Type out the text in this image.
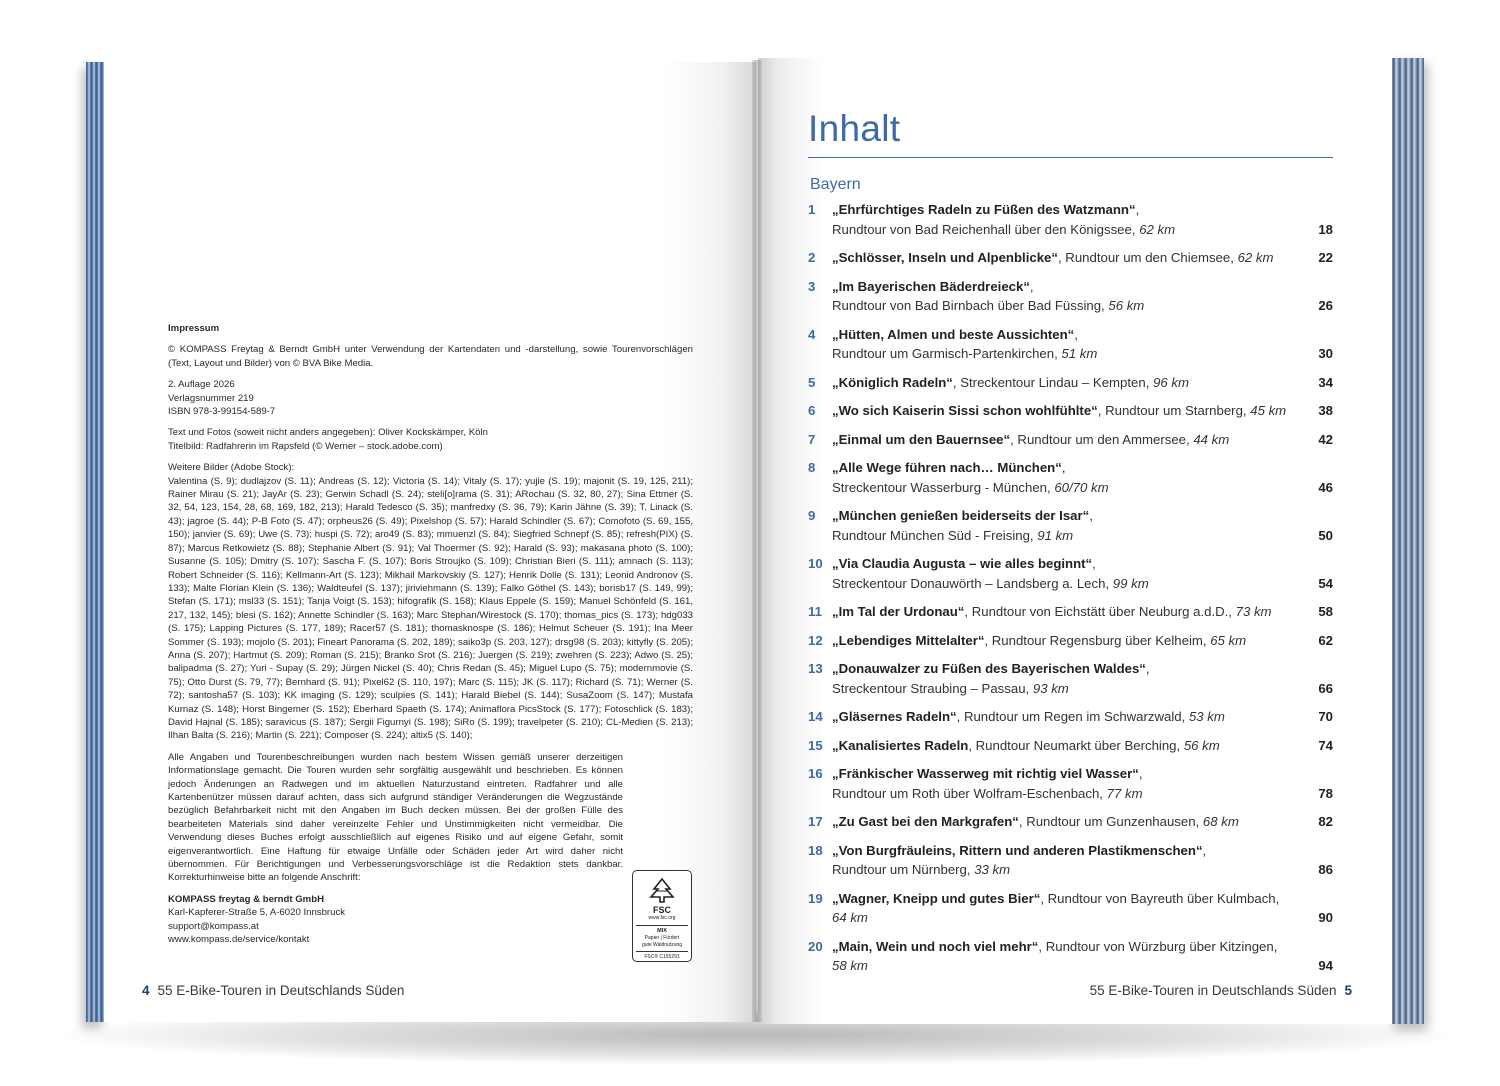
Impressum

© KOMPASS Freytag & Berndt GmbH unter Verwendung der Kartendaten und -darstellung, sowie Tourenvorschlägen (Text, Layout und Bilder) von © BVA Bike Media.

2. Auflage 2026
Verlagsnummer 219
ISBN 978-3-99154-589-7

Text und Fotos (soweit nicht anders angegeben): Oliver Kockskämper, Köln
Titelbild: Radfahrerin im Rapsfeld (© Werner – stock.adobe.com)

Weitere Bilder (Adobe Stock):
Valentina (S. 9); dudlajzov (S. 11); Andreas (S. 12); Victoria (S. 14); Vitaly (S. 17); yujie (S. 19); majonit (S. 19, 125, 211); Rainer Mirau (S. 21); JayAr (S. 23); Gerwin Schadl (S. 24); steli[o]rama (S. 31); ARochau (S. 32, 80, 27); Sina Ettmer (S. 32, 54, 123, 154, 28, 68, 169, 182, 213); Harald Tedesco (S. 35); manfredxy (S. 36, 79); Karin Jähne (S. 39); T. Linack (S. 43); jagroe (S. 44); P-B Foto (S. 47); orpheus26 (S. 49); Pixelshop (S. 57); Harald Schindler (S. 67); Comofoto (S. 69, 155, 150); janvier (S. 69); Uwe (S. 73); huspi (S. 72); aro49 (S. 83); mmuenzl (S. 84); Siegfried Schnepf (S. 85); refresh(PIX) (S. 87); Marcus Retkowietz (S. 88); Stephanie Albert (S. 91); Val Thoermer (S. 92); Harald (S. 93); makasana photo (S. 100); Susanne (S. 105); Dmitry (S. 107); Sascha F. (S. 107); Boris Stroujko (S. 109); Christian Bieri (S. 111); amnach (S. 113); Robert Schneider (S. 116); Kellmann-Art (S. 123); Mikhail Markovskiy (S. 127); Henrik Dolle (S. 131); Leonid Andronov (S. 133); Malte Florian Klein (S. 136); Waldteufel (S. 137); jiriviehmann (S. 139); Falko Göthel (S. 143); borisb17 (S. 149, 99); Stefan (S. 171); msl33 (S. 151); Tanja Voigt (S. 153); hifografik (S. 158); Klaus Eppele (S. 159); Manuel Schönfeld (S. 161, 217, 132, 145); blesi (S. 162); Annette Schindler (S. 163); Marc Stephan/Wirestock (S. 170); thomas_pics (S. 173); hdg033 (S. 175); Lapping Pictures (S. 177, 189); Racer57 (S. 181); thomasknospe (S. 186); Helmut Scheuer (S. 191); Ina Meer Sommer (S. 193); mojolo (S. 201); Fineart Panorama (S. 202, 189); saiko3p (S. 203, 127); drsg98 (S. 203); kittyfly (S. 205); Anna (S. 207); Hartmut (S. 209); Roman (S. 215); Branko Srot (S. 216); Juergen (S. 219); zwehren (S. 223); Adwo (S. 25); balipadma (S. 27); Yuri - Supay (S. 29); Jürgen Nickel (S. 40); Chris Redan (S. 45); Miguel Lupo (S. 75); modernmovie (S. 75); Otto Durst (S. 79, 77); Bernhard (S. 91); Pixel62 (S. 110, 197); Marc (S. 115); JK (S. 117); Richard (S. 71); Werner (S. 72); santosha57 (S. 103); KK imaging (S. 129); sculpies (S. 141); Harald Biebel (S. 144); SusaZoom (S. 147); Mustafa Kurnaz (S. 148); Horst Bingemer (S. 152); Eberhard Spaeth (S. 174); Animaflora PicsStock (S. 177); Fotoschlick (S. 183); David Hajnal (S. 185); saravicus (S. 187); Sergii Figurnyi (S. 198); SiRo (S. 199); travelpeter (S. 210); CL-Medien (S. 213); Ilhan Balta (S. 216); Martin (S. 221); Composer (S. 224); altix5 (S. 140);

Alle Angaben und Tourenbeschreibungen wurden nach bestem Wissen gemäß unserer derzeitigen Informationslage gemacht. Die Touren wurden sehr sorgfältig ausgewählt und beschrieben. Es können jedoch Änderungen an Radwegen und im aktuellen Naturzustand eintreten. Radfahrer und alle Kartenbenützer müssen darauf achten, dass sich aufgrund ständiger Veränderungen die Wegzustände bezüglich Befahrbarkeit nicht mit den Angaben im Buch decken müssen. Bei der großen Fülle des bearbeiteten Materials sind daher vereinzelte Fehler und Unstimmigkeiten nicht vermeidbar. Die Verwendung dieses Buches erfolgt ausschließlich auf eigenes Risiko und auf eigene Gefahr, somit eigenverantwortlich. Eine Haftung für etwaige Unfälle oder Schäden jeder Art wird daher nicht übernommen. Für Berichtigungen und Verbesserungsvorschläge ist die Redaktion stets dankbar. Korrekturhinweise bitte an folgende Anschrift:

KOMPASS freytag & berndt GmbH
Karl-Kapferer-Straße 5, A-6020 Innsbruck
support@kompass.at
www.kompass.de/service/kontakt

FSC
www.fsc.org
MIX
Papier | Fördert
gute Waldnutzung
FSC® C155291
4 55 E-Bike-Touren in Deutschlands Süden
Inhalt
Bayern
1	„Ehrfürchtiges Radeln zu Füßen des Watzmann“,
Rundtour von Bad Reichenhall über den Königssee, 62 km	18
2	„Schlösser, Inseln und Alpenblicke“, Rundtour um den Chiemsee, 62 km	22
3	„Im Bayerischen Bäderdreieck“,
Rundtour von Bad Birnbach über Bad Füssing, 56 km	26
4	„Hütten, Almen und beste Aussichten“,
Rundtour um Garmisch-Partenkirchen, 51 km	30
5	„Königlich Radeln“, Streckentour Lindau – Kempten, 96 km	34
6	„Wo sich Kaiserin Sissi schon wohlfühlte“, Rundtour um Starnberg, 45 km	38
7	„Einmal um den Bauernsee“, Rundtour um den Ammersee, 44 km	42
8	„Alle Wege führen nach… München“,
Streckentour Wasserburg - München, 60/70 km	46
9	„München genießen beiderseits der Isar“,
Rundtour München Süd - Freising, 91 km	50
10 „Via Claudia Augusta – wie alles beginnt“,
Streckentour Donauwörth – Landsberg a. Lech, 99 km	54
11 „Im Tal der Urdonau“, Rundtour von Eichstätt über Neuburg a.d.D., 73 km	58
12 „Lebendiges Mittelalter“, Rundtour Regensburg über Kelheim, 65 km	62
13 „Donauwalzer zu Füßen des Bayerischen Waldes“,
Streckentour Straubing – Passau, 93 km	66
14 „Gläsernes Radeln“, Rundtour um Regen im Schwarzwald, 53 km	70
15 „Kanalisiertes Radeln, Rundtour Neumarkt über Berching, 56 km	74
16 „Fränkischer Wasserweg mit richtig viel Wasser“,
Rundtour um Roth über Wolfram-Eschenbach, 77 km	78
17 „Zu Gast bei den Markgrafen“, Rundtour um Gunzenhausen, 68 km	82
18 „Von Burgfräuleins, Rittern und anderen Plastikmenschen“,
Rundtour um Nürnberg, 33 km	86
19 „Wagner, Kneipp und gutes Bier“, Rundtour von Bayreuth über Kulmbach, 64 km	90
20 „Main, Wein und noch viel mehr“, Rundtour von Würzburg über Kitzingen, 58 km	94
55 E-Bike-Touren in Deutschlands Süden 5
